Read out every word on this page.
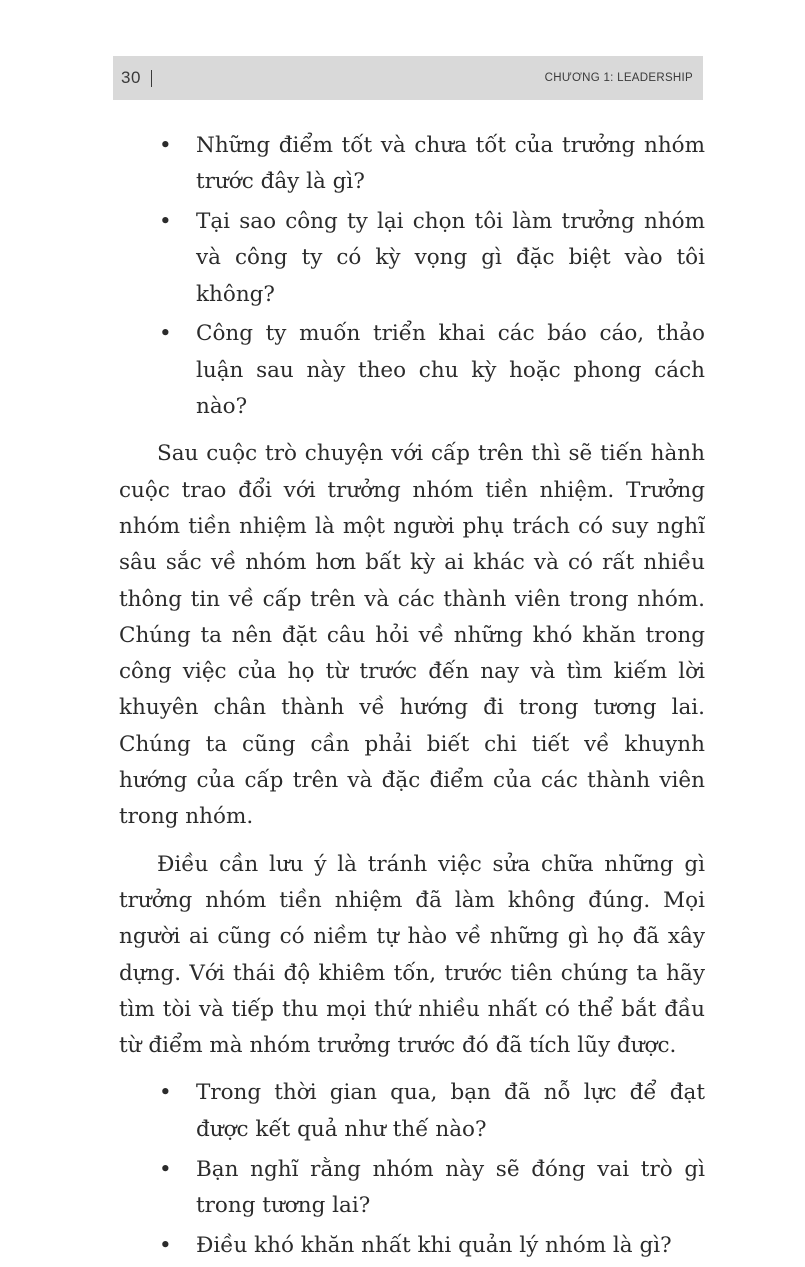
30	CHƯƠNG 1: LEADERSHIP
• Những điểm tốt và chưa tốt của trưởng nhóm trước đây là gì?
• Tại sao công ty lại chọn tôi làm trưởng nhóm và công ty có kỳ vọng gì đặc biệt vào tôi không?
• Công ty muốn triển khai các báo cáo, thảo luận sau này theo chu kỳ hoặc phong cách nào?

Sau cuộc trò chuyện với cấp trên thì sẽ tiến hành cuộc trao đổi với trưởng nhóm tiền nhiệm. Trưởng nhóm tiền nhiệm là một người phụ trách có suy nghĩ sâu sắc về nhóm hơn bất kỳ ai khác và có rất nhiều thông tin về cấp trên và các thành viên trong nhóm. Chúng ta nên đặt câu hỏi về những khó khăn trong công việc của họ từ trước đến nay và tìm kiếm lời khuyên chân thành về hướng đi trong tương lai. Chúng ta cũng cần phải biết chi tiết về khuynh hướng của cấp trên và đặc điểm của các thành viên trong nhóm.

Điều cần lưu ý là tránh việc sửa chữa những gì trưởng nhóm tiền nhiệm đã làm không đúng. Mọi người ai cũng có niềm tự hào về những gì họ đã xây dựng. Với thái độ khiêm tốn, trước tiên chúng ta hãy tìm tòi và tiếp thu mọi thứ nhiều nhất có thể bắt đầu từ điểm mà nhóm trưởng trước đó đã tích lũy được.

• Trong thời gian qua, bạn đã nỗ lực để đạt được kết quả như thế nào?
• Bạn nghĩ rằng nhóm này sẽ đóng vai trò gì trong tương lai?
• Điều khó khăn nhất khi quản lý nhóm là gì?
